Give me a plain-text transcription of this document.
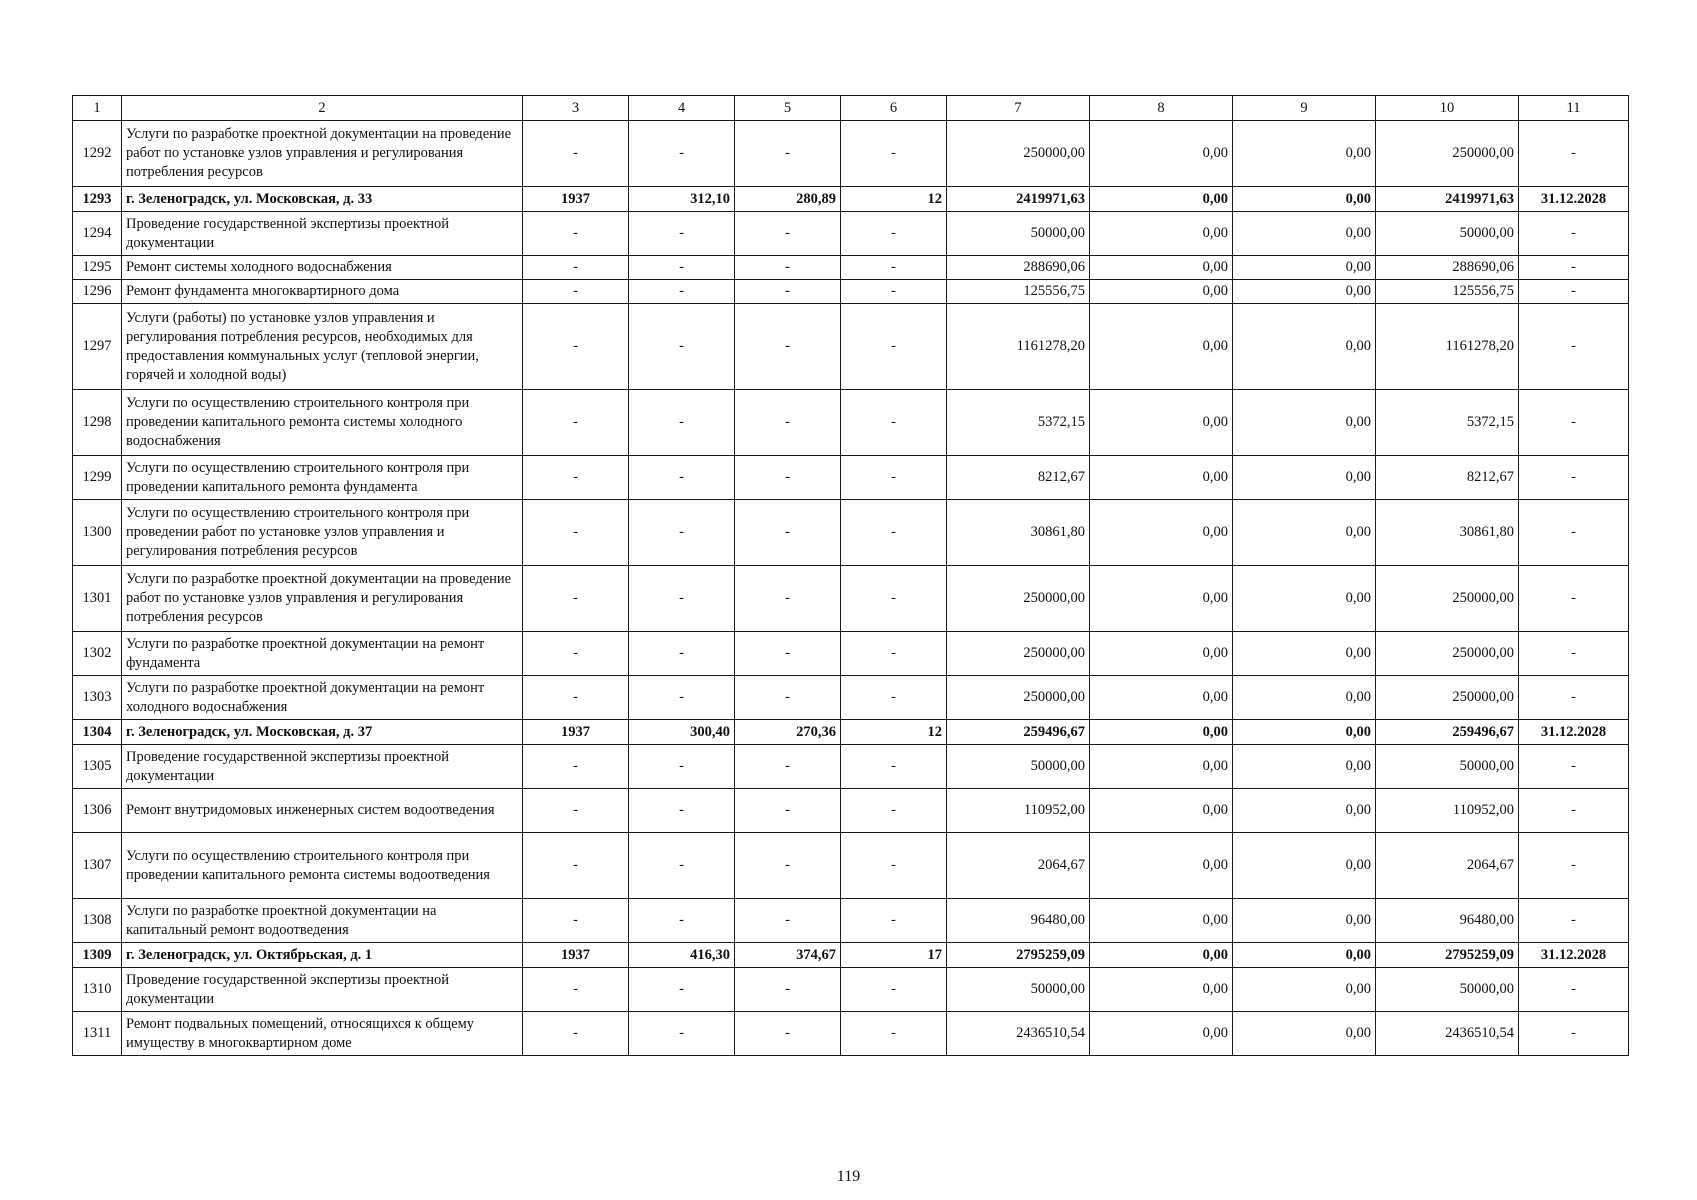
1	2	3	4	5	6	7	8	9	10	11
1292	Услуги по разработке проектной документации на проведение работ по установке узлов управления и регулирования потребления ресурсов	-	-	-	-	250000,00	0,00	0,00	250000,00	-
1293	г. Зеленоградск, ул. Московская, д. 33	1937	312,10	280,89	12	2419971,63	0,00	0,00	2419971,63	31.12.2028
1294	Проведение государственной экспертизы проектной документации	-	-	-	-	50000,00	0,00	0,00	50000,00	-
1295	Ремонт системы холодного водоснабжения	-	-	-	-	288690,06	0,00	0,00	288690,06	-
1296	Ремонт фундамента многоквартирного дома	-	-	-	-	125556,75	0,00	0,00	125556,75	-
1297	Услуги (работы) по установке узлов управления и регулирования потребления ресурсов, необходимых для предоставления коммунальных услуг (тепловой энергии, горячей и холодной воды)	-	-	-	-	1161278,20	0,00	0,00	1161278,20	-
1298	Услуги по осуществлению строительного контроля при проведении капитального ремонта системы холодного водоснабжения	-	-	-	-	5372,15	0,00	0,00	5372,15	-
1299	Услуги по осуществлению строительного контроля при проведении капитального ремонта фундамента	-	-	-	-	8212,67	0,00	0,00	8212,67	-
1300	Услуги по осуществлению строительного контроля при проведении работ по установке узлов управления и регулирования потребления ресурсов	-	-	-	-	30861,80	0,00	0,00	30861,80	-
1301	Услуги по разработке проектной документации на проведение работ по установке узлов управления и регулирования потребления ресурсов	-	-	-	-	250000,00	0,00	0,00	250000,00	-
1302	Услуги по разработке проектной документации на ремонт фундамента	-	-	-	-	250000,00	0,00	0,00	250000,00	-
1303	Услуги по разработке проектной документации на ремонт холодного водоснабжения	-	-	-	-	250000,00	0,00	0,00	250000,00	-
1304	г. Зеленоградск, ул. Московская, д. 37	1937	300,40	270,36	12	259496,67	0,00	0,00	259496,67	31.12.2028
1305	Проведение государственной экспертизы проектной документации	-	-	-	-	50000,00	0,00	0,00	50000,00	-
1306	Ремонт внутридомовых инженерных систем водоотведения	-	-	-	-	110952,00	0,00	0,00	110952,00	-
1307	Услуги по осуществлению строительного контроля при проведении капитального ремонта системы водоотведения	-	-	-	-	2064,67	0,00	0,00	2064,67	-
1308	Услуги по разработке проектной документации на капитальный ремонт водоотведения	-	-	-	-	96480,00	0,00	0,00	96480,00	-
1309	г. Зеленоградск, ул. Октябрьская, д. 1	1937	416,30	374,67	17	2795259,09	0,00	0,00	2795259,09	31.12.2028
1310	Проведение государственной экспертизы проектной документации	-	-	-	-	50000,00	0,00	0,00	50000,00	-
1311	Ремонт подвальных помещений, относящихся к общему имуществу в многоквартирном доме	-	-	-	-	2436510,54	0,00	0,00	2436510,54	-
119
